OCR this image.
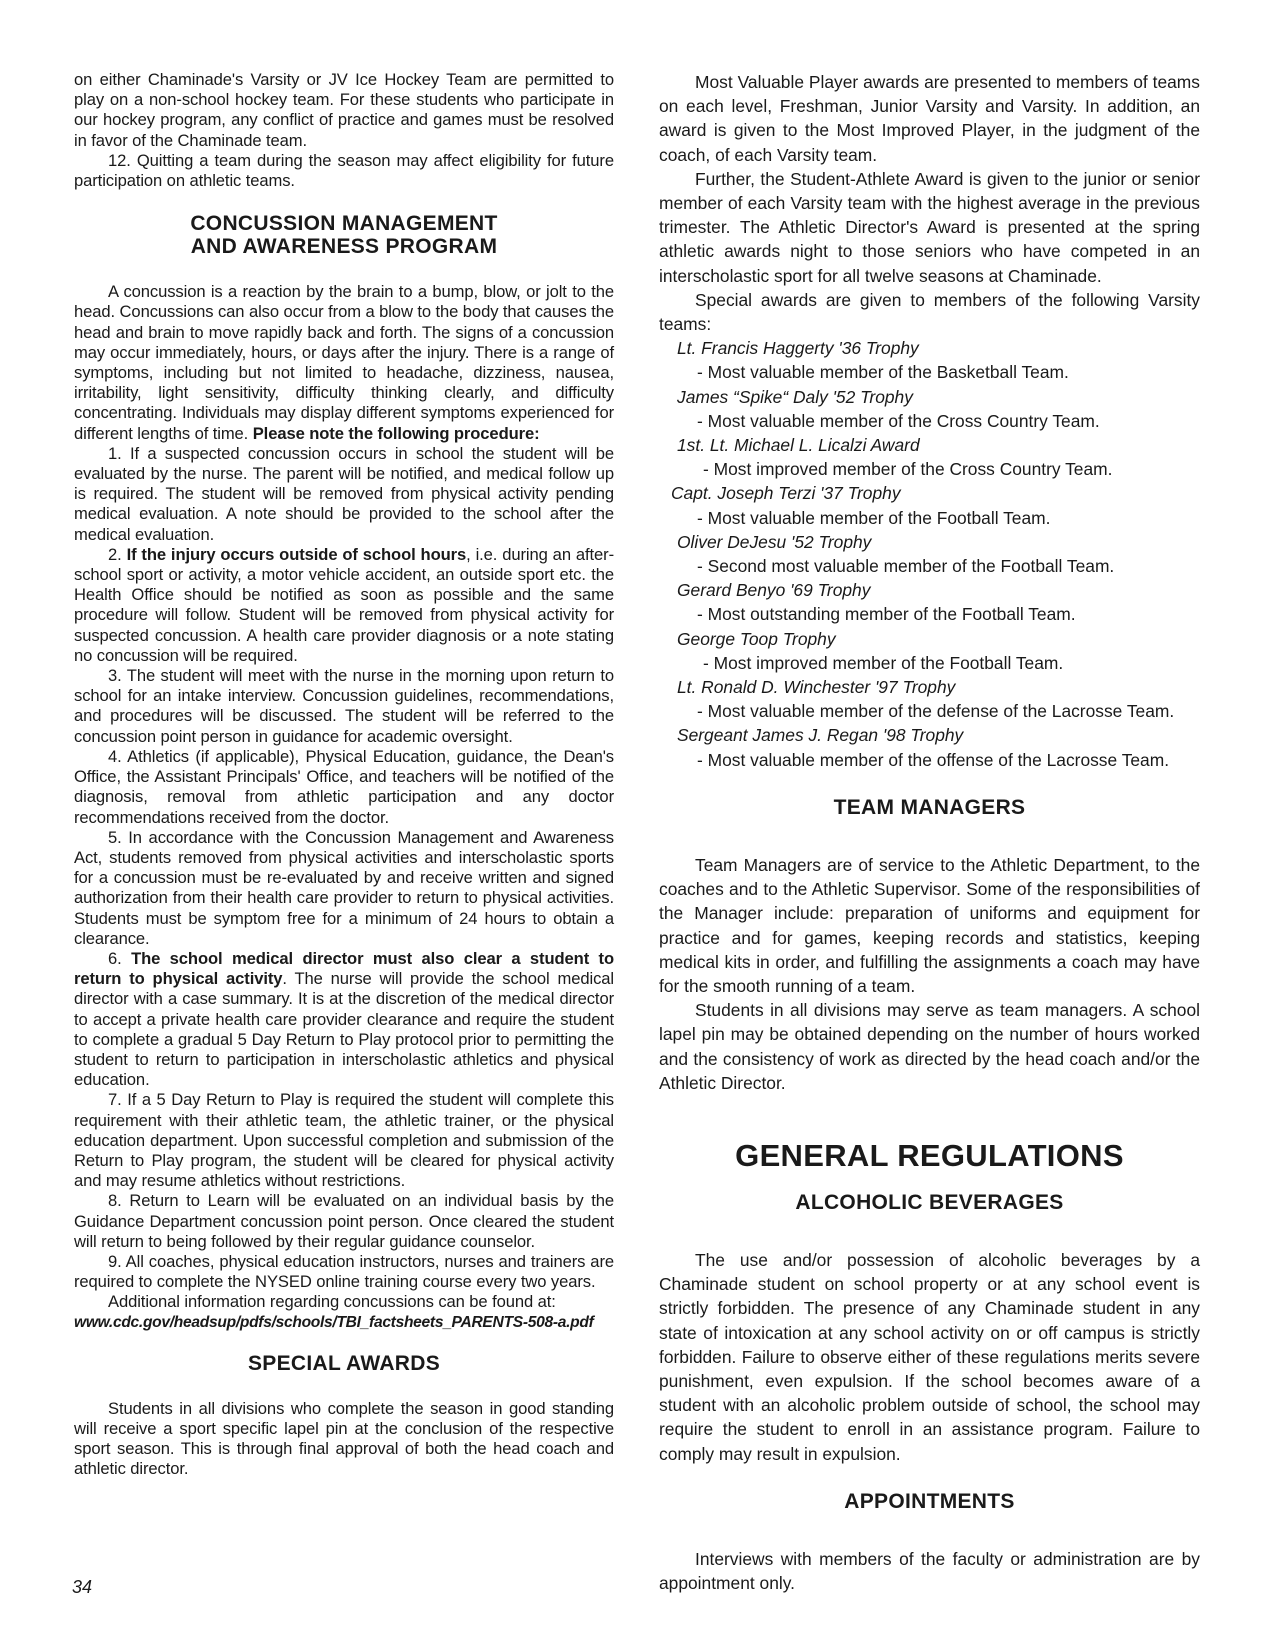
on either Chaminade's Varsity or JV Ice Hockey Team are permitted to play on a non-school hockey team. For these students who participate in our hockey program, any conflict of practice and games must be resolved in favor of the Chaminade team.

12. Quitting a team during the season may affect eligibility for future participation on athletic teams.

CONCUSSION MANAGEMENT
AND AWARENESS PROGRAM

A concussion is a reaction by the brain to a bump, blow, or jolt to the head. Concussions can also occur from a blow to the body that causes the head and brain to move rapidly back and forth. The signs of a concussion may occur immediately, hours, or days after the injury. There is a range of symptoms, including but not limited to headache, dizziness, nausea, irritability, light sensitivity, difficulty thinking clearly, and difficulty concentrating. Individuals may display different symptoms experienced for different lengths of time. Please note the following procedure:

1. If a suspected concussion occurs in school the student will be evaluated by the nurse. The parent will be notified, and medical follow up is required. The student will be removed from physical activity pending medical evaluation. A note should be provided to the school after the medical evaluation.

2. If the injury occurs outside of school hours, i.e. during an after-school sport or activity, a motor vehicle accident, an outside sport etc. the Health Office should be notified as soon as possible and the same procedure will follow. Student will be removed from physical activity for suspected concussion. A health care provider diagnosis or a note stating no concussion will be required.

3. The student will meet with the nurse in the morning upon return to school for an intake interview. Concussion guidelines, recommendations, and procedures will be discussed. The student will be referred to the concussion point person in guidance for academic oversight.

4. Athletics (if applicable), Physical Education, guidance, the Dean's Office, the Assistant Principals' Office, and teachers will be notified of the diagnosis, removal from athletic participation and any doctor recommendations received from the doctor.

5. In accordance with the Concussion Management and Awareness Act, students removed from physical activities and interscholastic sports for a concussion must be re-evaluated by and receive written and signed authorization from their health care provider to return to physical activities. Students must be symptom free for a minimum of 24 hours to obtain a clearance.

6. The school medical director must also clear a student to return to physical activity. The nurse will provide the school medical director with a case summary. It is at the discretion of the medical director to accept a private health care provider clearance and require the student to complete a gradual 5 Day Return to Play protocol prior to permitting the student to return to participation in interscholastic athletics and physical education.

7. If a 5 Day Return to Play is required the student will complete this requirement with their athletic team, the athletic trainer, or the physical education department. Upon successful completion and submission of the Return to Play program, the student will be cleared for physical activity and may resume athletics without restrictions.

8. Return to Learn will be evaluated on an individual basis by the Guidance Department concussion point person. Once cleared the student will return to being followed by their regular guidance counselor.

9. All coaches, physical education instructors, nurses and trainers are required to complete the NYSED online training course every two years.

Additional information regarding concussions can be found at:

www.cdc.gov/headsup/pdfs/schools/TBI_factsheets_PARENTS-508-a.pdf

SPECIAL AWARDS

Students in all divisions who complete the season in good standing will receive a sport specific lapel pin at the conclusion of the respective sport season. This is through final approval of both the head coach and athletic director.

Most Valuable Player awards are presented to members of teams on each level, Freshman, Junior Varsity and Varsity. In addition, an award is given to the Most Improved Player, in the judgment of the coach, of each Varsity team.

Further, the Student-Athlete Award is given to the junior or senior member of each Varsity team with the highest average in the previous trimester. The Athletic Director's Award is presented at the spring athletic awards night to those seniors who have competed in an interscholastic sport for all twelve seasons at Chaminade.

Special awards are given to members of the following Varsity teams:

Lt. Francis Haggerty '36 Trophy

- Most valuable member of the Basketball Team.

James “Spike“ Daly '52 Trophy

- Most valuable member of the Cross Country Team.

1st. Lt. Michael L. Licalzi Award

- Most improved member of the Cross Country Team.

Capt. Joseph Terzi '37 Trophy

- Most valuable member of the Football Team.

Oliver DeJesu '52 Trophy

- Second most valuable member of the Football Team.

Gerard Benyo '69 Trophy

- Most outstanding member of the Football Team.

George Toop Trophy

- Most improved member of the Football Team.

Lt. Ronald D. Winchester '97 Trophy

- Most valuable member of the defense of the Lacrosse Team.

Sergeant James J. Regan '98 Trophy

- Most valuable member of the offense of the Lacrosse Team.

TEAM MANAGERS

Team Managers are of service to the Athletic Department, to the coaches and to the Athletic Supervisor. Some of the responsibilities of the Manager include: preparation of uniforms and equipment for practice and for games, keeping records and statistics, keeping medical kits in order, and fulfilling the assignments a coach may have for the smooth running of a team.

Students in all divisions may serve as team managers. A school lapel pin may be obtained depending on the number of hours worked and the consistency of work as directed by the head coach and/or the Athletic Director.

GENERAL REGULATIONS
ALCOHOLIC BEVERAGES

The use and/or possession of alcoholic beverages by a Chaminade student on school property or at any school event is strictly forbidden. The presence of any Chaminade student in any state of intoxication at any school activity on or off campus is strictly forbidden. Failure to observe either of these regulations merits severe punishment, even expulsion. If the school becomes aware of a student with an alcoholic problem outside of school, the school may require the student to enroll in an assistance program. Failure to comply may result in expulsion.

APPOINTMENTS

Interviews with members of the faculty or administration are by appointment only.

34
